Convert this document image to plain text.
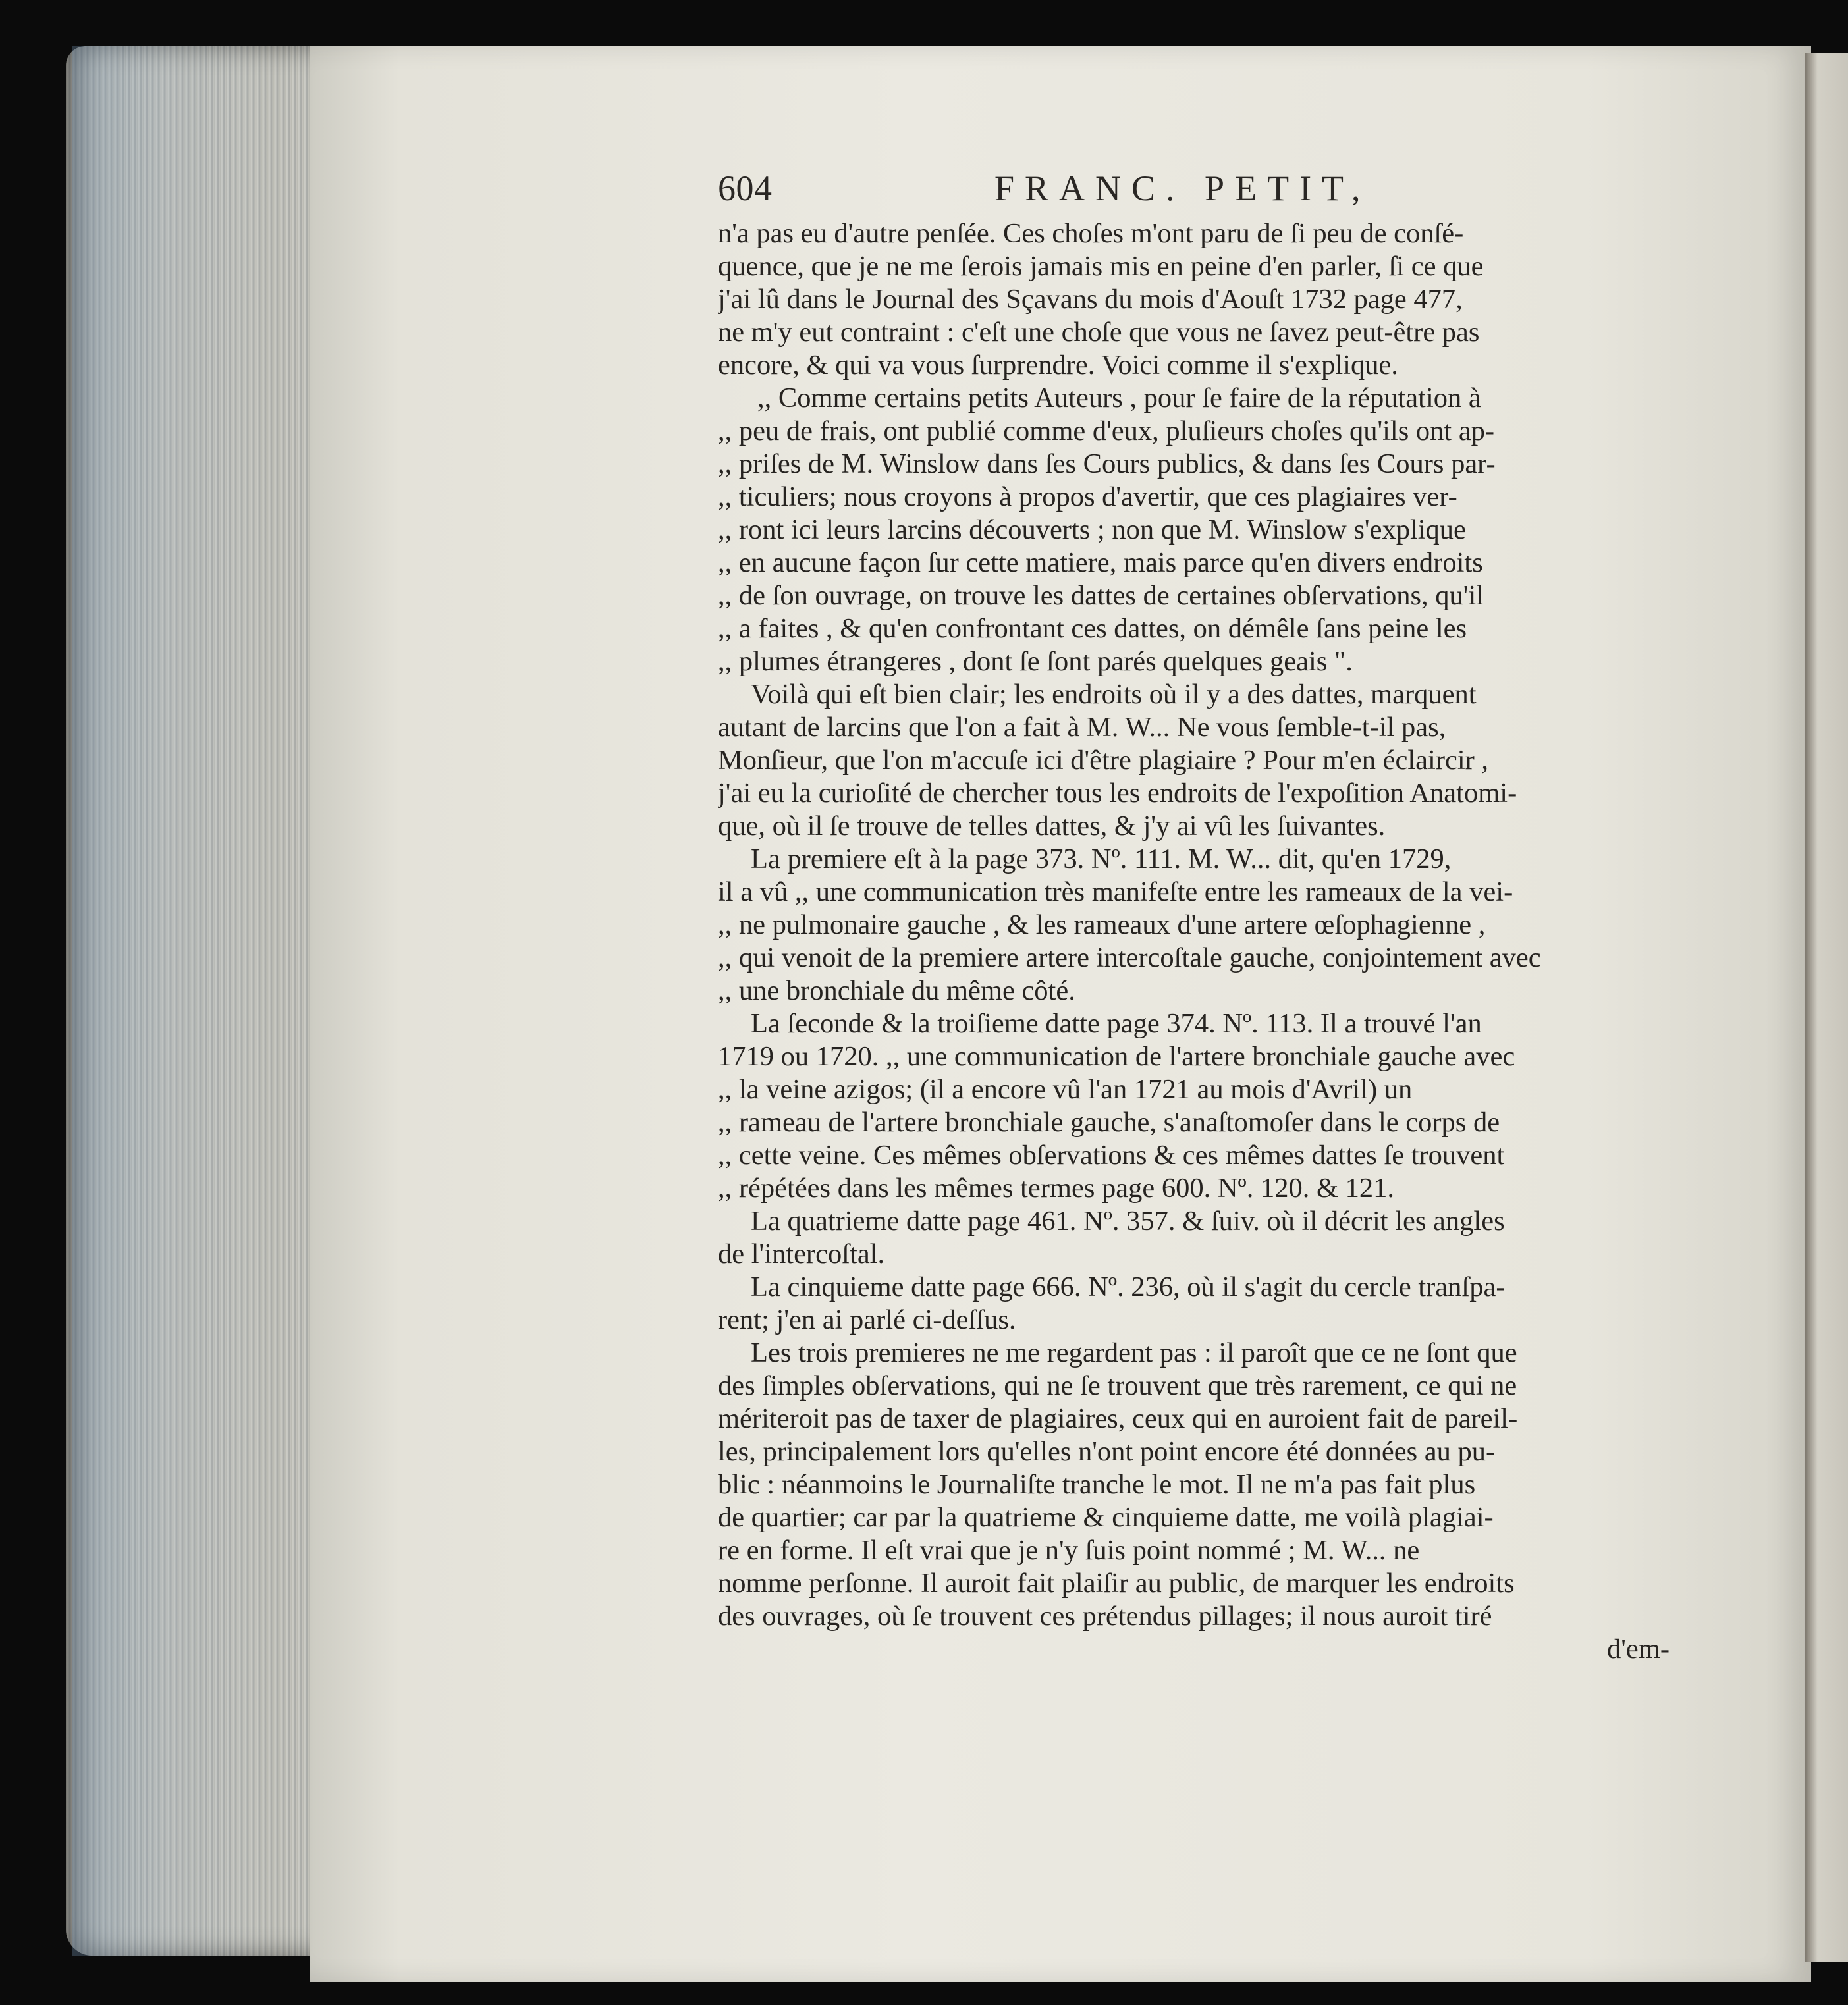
604	FRANC. PETIT,
n'a pas eu d'autre penſée. Ces choſes m'ont paru de ſi peu de conſé-
quence, que je ne me ſerois jamais mis en peine d'en parler, ſi ce que
j'ai lû dans le Journal des Sçavans du mois d'Aouſt 1732 page 477,
ne m'y eut contraint : c'eſt une choſe que vous ne ſavez peut-être pas
encore, & qui va vous ſurprendre. Voici comme il s'explique.
,, Comme certains petits Auteurs , pour ſe faire de la réputation à
,, peu de frais, ont publié comme d'eux, pluſieurs choſes qu'ils ont ap-
,, priſes de M. Winslow dans ſes Cours publics, & dans ſes Cours par-
,, ticuliers; nous croyons à propos d'avertir, que ces plagiaires ver-
,, ront ici leurs larcins découverts ; non que M. Winslow s'explique
,, en aucune façon ſur cette matiere, mais parce qu'en divers endroits
,, de ſon ouvrage, on trouve les dattes de certaines obſervations, qu'il
,, a faites , & qu'en confrontant ces dattes, on démêle ſans peine les
,, plumes étrangeres , dont ſe ſont parés quelques geais ".
Voilà qui eſt bien clair; les endroits où il y a des dattes, marquent
autant de larcins que l'on a fait à M. W... Ne vous ſemble-t-il pas,
Monſieur, que l'on m'accuſe ici d'être plagiaire ? Pour m'en éclaircir ,
j'ai eu la curioſité de chercher tous les endroits de l'expoſition Anatomi-
que, où il ſe trouve de telles dattes, & j'y ai vû les ſuivantes.
La premiere eſt à la page 373. Nº. 111. M. W... dit, qu'en 1729,
il a vû ,, une communication très manifeſte entre les rameaux de la vei-
,, ne pulmonaire gauche , & les rameaux d'une artere œſophagienne ,
,, qui venoit de la premiere artere intercoſtale gauche, conjointement avec
,, une bronchiale du même côté.
La ſeconde & la troiſieme datte page 374. Nº. 113. Il a trouvé l'an
1719 ou 1720. ,, une communication de l'artere bronchiale gauche avec
,, la veine azigos; (il a encore vû l'an 1721 au mois d'Avril) un
,, rameau de l'artere bronchiale gauche, s'anaſtomoſer dans le corps de
,, cette veine. Ces mêmes obſervations & ces mêmes dattes ſe trouvent
,, répétées dans les mêmes termes page 600. Nº. 120. & 121.
La quatrieme datte page 461. Nº. 357. & ſuiv. où il décrit les angles
de l'intercoſtal.
La cinquieme datte page 666. Nº. 236, où il s'agit du cercle tranſpa-
rent; j'en ai parlé ci-deſſus.
Les trois premieres ne me regardent pas : il paroît que ce ne ſont que
des ſimples obſervations, qui ne ſe trouvent que très rarement, ce qui ne
mériteroit pas de taxer de plagiaires, ceux qui en auroient fait de pareil-
les, principalement lors qu'elles n'ont point encore été données au pu-
blic : néanmoins le Journaliſte tranche le mot. Il ne m'a pas fait plus
de quartier; car par la quatrieme & cinquieme datte, me voilà plagiai-
re en forme. Il eſt vrai que je n'y ſuis point nommé ; M. W... ne
nomme perſonne. Il auroit fait plaiſir au public, de marquer les endroits
des ouvrages, où ſe trouvent ces prétendus pillages; il nous auroit tiré
d'em-
